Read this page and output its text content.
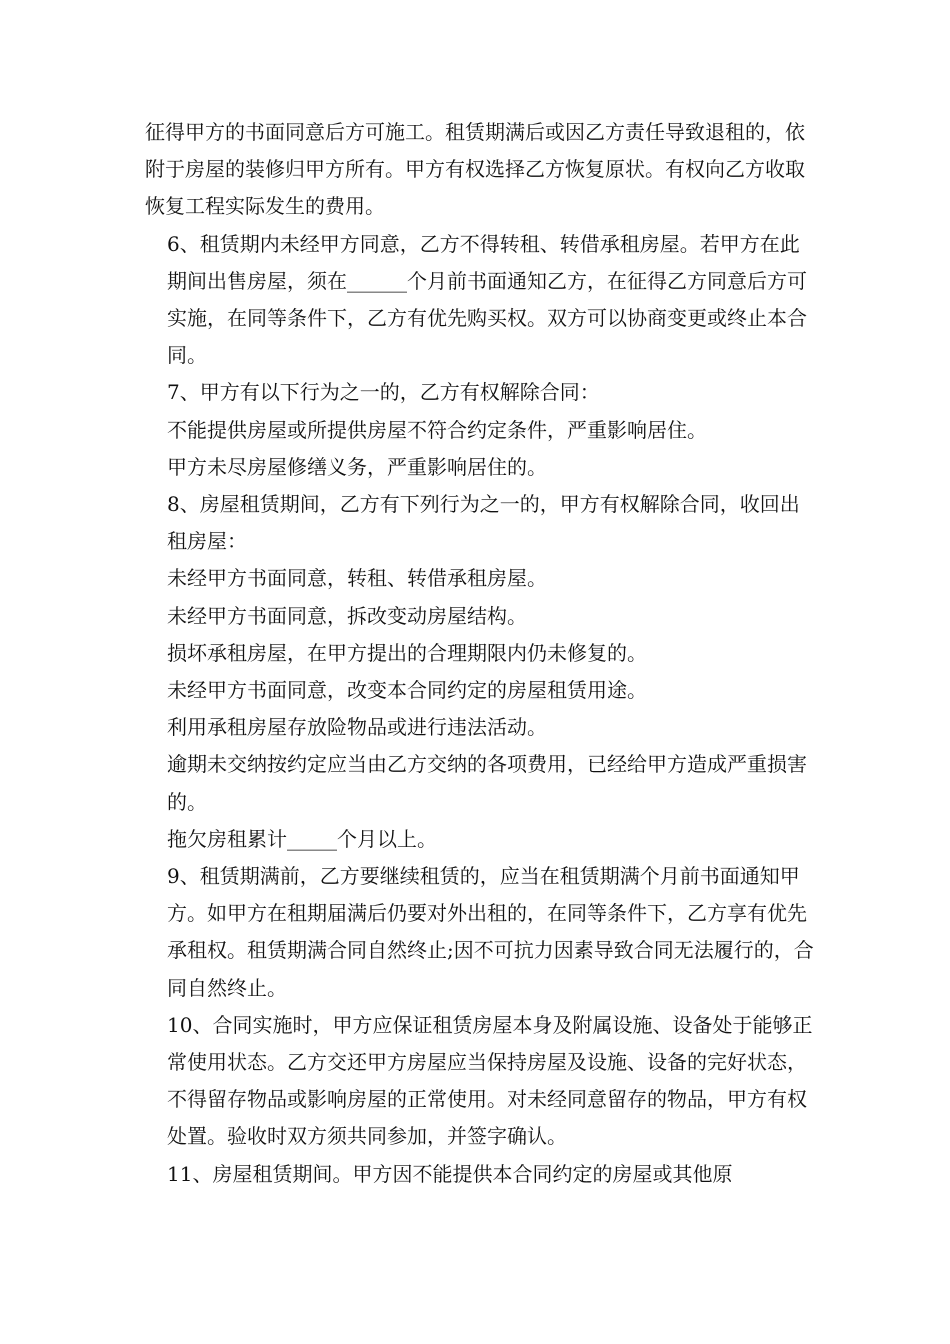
征得甲方的书面同意后方可施工。租赁期满后或因乙方责任导致退租的，依附于房屋的装修归甲方所有。甲方有权选择乙方恢复原状。有权向乙方收取恢复工程实际发生的费用。

6、租赁期内未经甲方同意，乙方不得转租、转借承租房屋。若甲方在此期间出售房屋，须在______个月前书面通知乙方，在征得乙方同意后方可实施，在同等条件下，乙方有优先购买权。双方可以协商变更或终止本合同。

7、甲方有以下行为之一的，乙方有权解除合同：

不能提供房屋或所提供房屋不符合约定条件，严重影响居住。

甲方未尽房屋修缮义务，严重影响居住的。

8、房屋租赁期间，乙方有下列行为之一的，甲方有权解除合同，收回出租房屋：

未经甲方书面同意，转租、转借承租房屋。

未经甲方书面同意，拆改变动房屋结构。

损坏承租房屋，在甲方提出的合理期限内仍未修复的。

未经甲方书面同意，改变本合同约定的房屋租赁用途。

利用承租房屋存放险物品或进行违法活动。

逾期未交纳按约定应当由乙方交纳的各项费用，已经给甲方造成严重损害的。

拖欠房租累计_____个月以上。

9、租赁期满前，乙方要继续租赁的，应当在租赁期满个月前书面通知甲方。如甲方在租期届满后仍要对外出租的，在同等条件下，乙方享有优先承租权。租赁期满合同自然终止;因不可抗力因素导致合同无法履行的，合同自然终止。

10、合同实施时，甲方应保证租赁房屋本身及附属设施、设备处于能够正常使用状态。乙方交还甲方房屋应当保持房屋及设施、设备的完好状态，不得留存物品或影响房屋的正常使用。对未经同意留存的物品，甲方有权处置。验收时双方须共同参加，并签字确认。

11、房屋租赁期间。甲方因不能提供本合同约定的房屋或其他原
